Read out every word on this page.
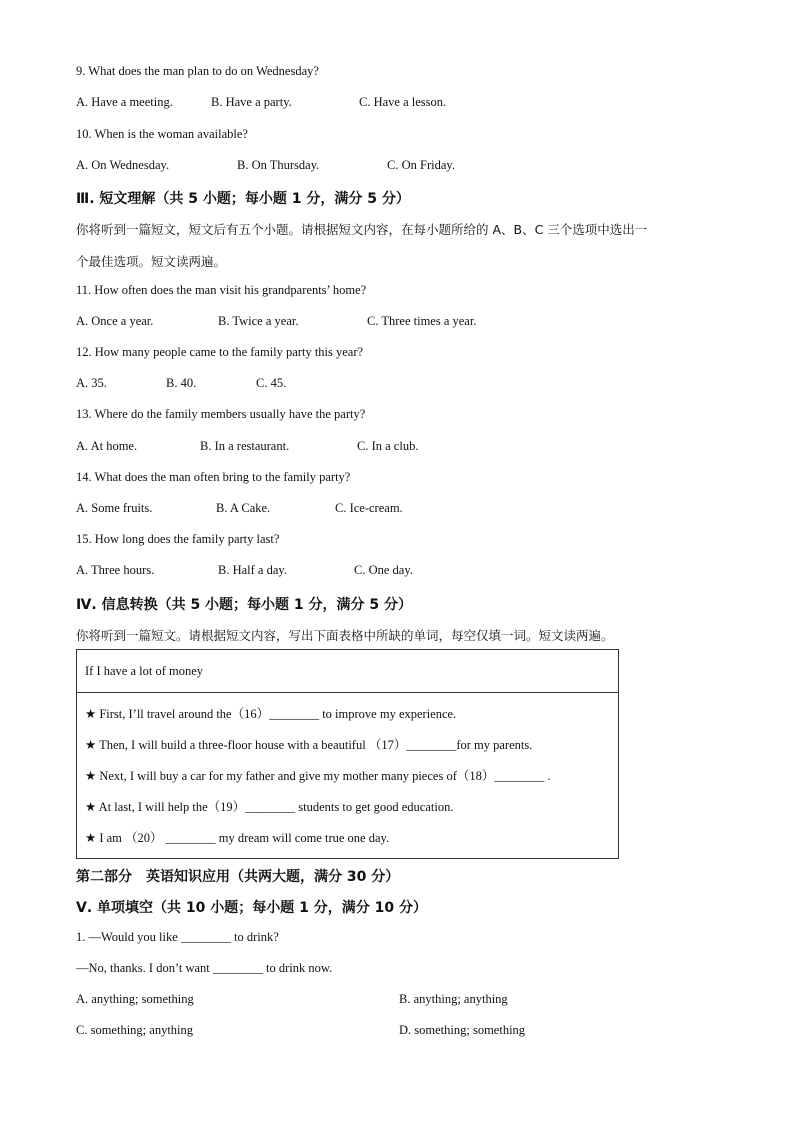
9. What does the man plan to do on Wednesday?
A. Have a meeting.	B. Have a party.	C. Have a lesson.
10. When is the woman available?
A. On Wednesday.	B. On Thursday.	C. On Friday.
Ⅲ. 短文理解（共 5 小题；每小题 1 分，满分 5 分）
你将听到一篇短文，短文后有五个小题。请根据短文内容，在每小题所给的 A、B、C 三个选项中选出一
个最佳选项。短文读两遍。
11. How often does the man visit his grandparents’ home?
A. Once a year.	B. Twice a year.	C. Three times a year.
12. How many people came to the family party this year?
A. 35.	B. 40.	C. 45.
13. Where do the family members usually have the party?
A. At home.	B. In a restaurant.	C. In a club.
14. What does the man often bring to the family party?
A. Some fruits.	B. A Cake.	C. Ice-cream.
15. How long does the family party last?
A. Three hours.	B. Half a day.	C. One day.
Ⅳ. 信息转换（共 5 小题；每小题 1 分，满分 5 分）
你将听到一篇短文。请根据短文内容，写出下面表格中所缺的单词，每空仅填一词。短文读两遍。
If I have a lot of money

★ First, I’ll travel around the（16）________ to improve my experience.
★ Then, I will build a three-floor house with a beautiful （17）________for my parents.
★ Next, I will buy a car for my father and give my mother many pieces of（18）________ .
★ At last, I will help the（19）________ students to get good education.
★ I am （20） ________ my dream will come true one day.
第二部分　英语知识应用（共两大题，满分 30 分）
Ⅴ. 单项填空（共 10 小题；每小题 1 分，满分 10 分）
1. —Would you like ________ to drink?
—No, thanks. I don’t want ________ to drink now.
A. anything; something	B. anything; anything
C. something; anything	D. something; something
